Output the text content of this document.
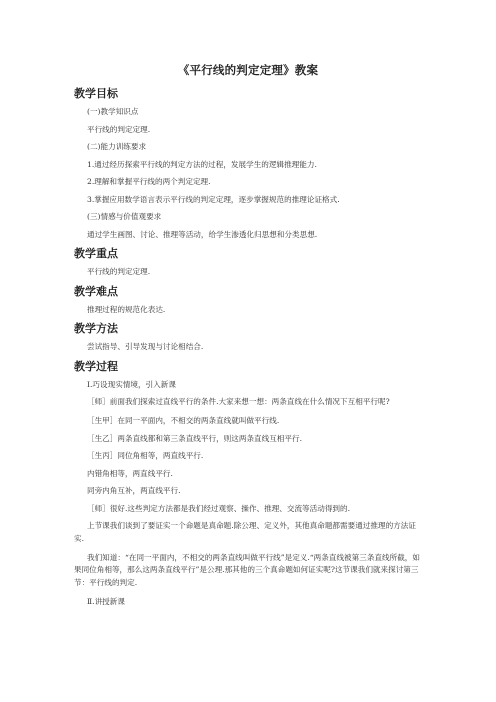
《平行线的判定定理》教案
教学目标

(一)教学知识点

平行线的判定定理.

(二)能力训练要求

1.通过经历探索平行线的判定方法的过程，发展学生的逻辑推理能力.

2.理解和掌握平行线的两个判定定理.

3.掌握应用数学语言表示平行线的判定定理，逐步掌握规范的推理论证格式.

(三)情感与价值观要求

通过学生画图、讨论、推理等活动，给学生渗透化归思想和分类思想.

教学重点

平行线的判定定理.

教学难点

推理过程的规范化表达.

教学方法

尝试指导、引导发现与讨论相结合.

教学过程

Ⅰ.巧设现实情境，引入新课

［师］前面我们探索过直线平行的条件.大家来想一想：两条直线在什么情况下互相平行呢?

［生甲］在同一平面内，不相交的两条直线就叫做平行线.

［生乙］两条直线都和第三条直线平行，则这两条直线互相平行.

［生丙］同位角相等，两直线平行.

内错角相等，两直线平行.

同旁内角互补，两直线平行.

［师］很好.这些判定方法都是我们经过观察、操作、推理、交流等活动得到的.

上节课我们谈到了要证实一个命题是真命题.除公理、定义外，其他真命题都需要通过推理的方法证实.

我们知道：“在同一平面内，不相交的两条直线叫做平行线”是定义.“两条直线被第三条直线所截，如果同位角相等，那么这两条直线平行”是公理.那其他的三个真命题如何证实呢?这节课我们就来探讨第三节：平行线的判定.

Ⅱ.讲授新课
